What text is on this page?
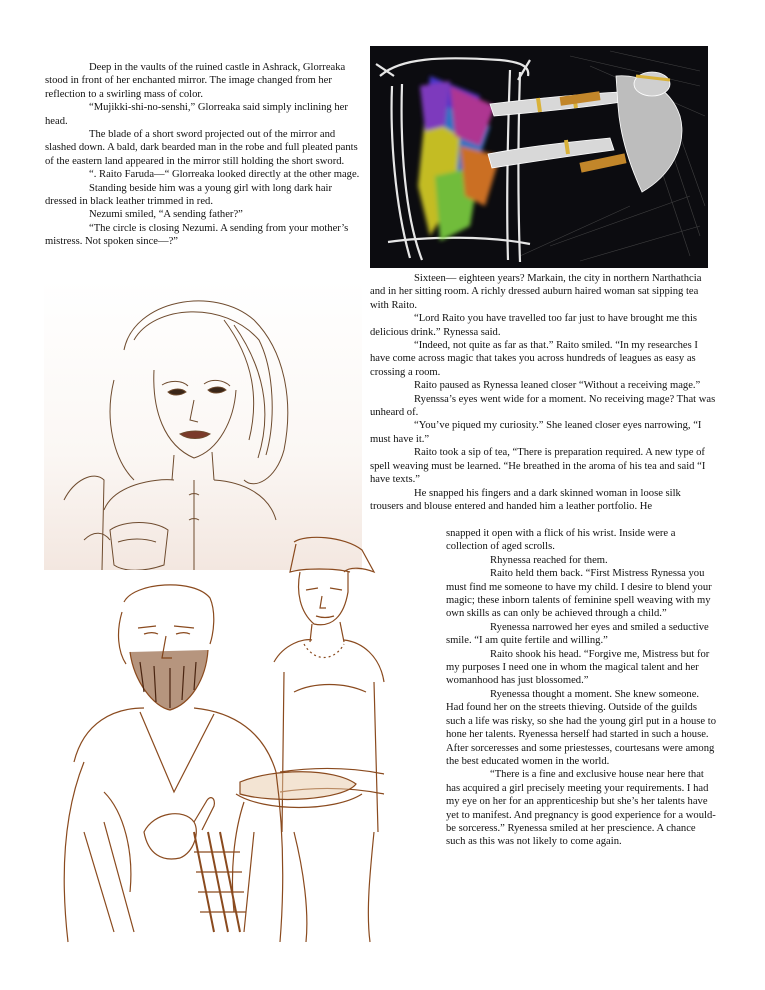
Deep in the vaults of the ruined castle in Ashrack, Glorreaka stood in front of her enchanted mirror. The image changed from her reflection to a swirling mass of color.

“Mujikki-shi-no-senshi,” Glorreaka said simply inclining her head.

The blade of a short sword projected out of the mirror and slashed down. A bald, dark bearded man in the robe and full pleated pants of the eastern land appeared in the mirror still holding the short sword.

“. Raito Faruda—“ Glorreaka looked directly at the other mage.

Standing beside him was a young girl with long dark hair dressed in black leather trimmed in red.

Nezumi smiled, “A sending father?”

“The circle is closing Nezumi. A sending from your mother’s mistress. Not spoken since—?”

Sixteen— eighteen years? Markain, the city in northern Narthathcia and in her sitting room. A richly dressed auburn haired woman sat sipping tea with Raito.

“Lord Raito you have travelled too far just to have brought me this delicious drink.” Rynessa said.

“Indeed, not quite as far as that.” Raito smiled. “In my researches I have come across magic that takes you across hundreds of leagues as easy as crossing a room.

Raito paused as Rynessa leaned closer “Without a receiving mage.”

Ryenssa’s eyes went wide for a moment. No receiving mage? That was unheard of.

“You’ve piqued my curiosity.” She leaned closer eyes narrowing, “I must have it.”

Raito took a sip of tea, “There is preparation required. A new type of spell weaving must be learned. “He breathed in the aroma of his tea and said “I have texts.”

He snapped his fingers and a dark skinned woman in loose silk trousers and blouse entered and handed him a leather portfolio. He

snapped it open with a flick of his wrist. Inside were a collection of aged scrolls.

Rhynessa reached for them.

Raito held them back. “First Mistress Rynessa you must find me someone to have my child. I desire to blend your magic; these inborn talents of feminine spell weaving with my own skills as can only be achieved through a child.”

Ryenessa narrowed her eyes and smiled a seductive smile. “I am quite fertile and willing.”

Raito shook his head. “Forgive me, Mistress but for my purposes I need one in whom the magical talent and her womanhood has just blossomed.”

Ryenessa thought a moment. She knew someone. Had found her on the streets thieving. Outside of the guilds such a life was risky, so she had the young girl put in a house to hone her talents. Ryenessa herself had started in such a house. After sorceresses and some priestesses, courtesans were among the best educated women in the world.

“There is a fine and exclusive house near here that has acquired a girl precisely meeting your requirements. I had my eye on her for an apprenticeship but she’s her talents have yet to manifest. And pregnancy is good experience for a would-be sorceress.” Ryenessa smiled at her prescience. A chance such as this was not likely to come again.
